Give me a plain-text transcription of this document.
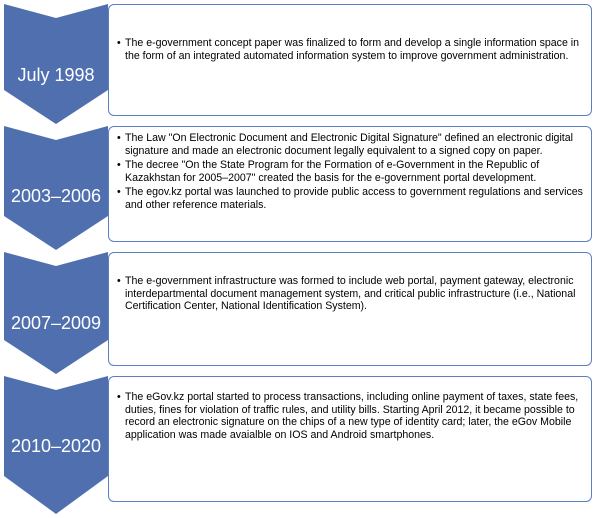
July 1998
• The e-government concept paper was finalized to form and develop a single information space in the form of an integrated automated information system to improve government administration.
2003–2006
• The Law "On Electronic Document and Electronic Digital Signature" defined an electronic digital signature and made an electronic document legally equivalent to a signed copy on paper.
• The decree "On the State Program for the Formation of e-Government in the Republic of Kazakhstan for 2005–2007" created the basis for the e-government portal development.
• The egov.kz portal was launched to provide public access to government regulations and services and other reference materials.
2007–2009
• The e-government infrastructure was formed to include web portal, payment gateway, electronic interdepartmental document management system, and critical public infrastructure (i.e., National Certification Center, National Identification System).
2010–2020
• The eGov.kz portal started to process transactions, including online payment of taxes, state fees, duties, fines for violation of traffic rules, and utility bills. Starting April 2012, it became possible to record an electronic signature on the chips of a new type of identity card; later, the eGov Mobile application was made avaialble on IOS and Android smartphones.
